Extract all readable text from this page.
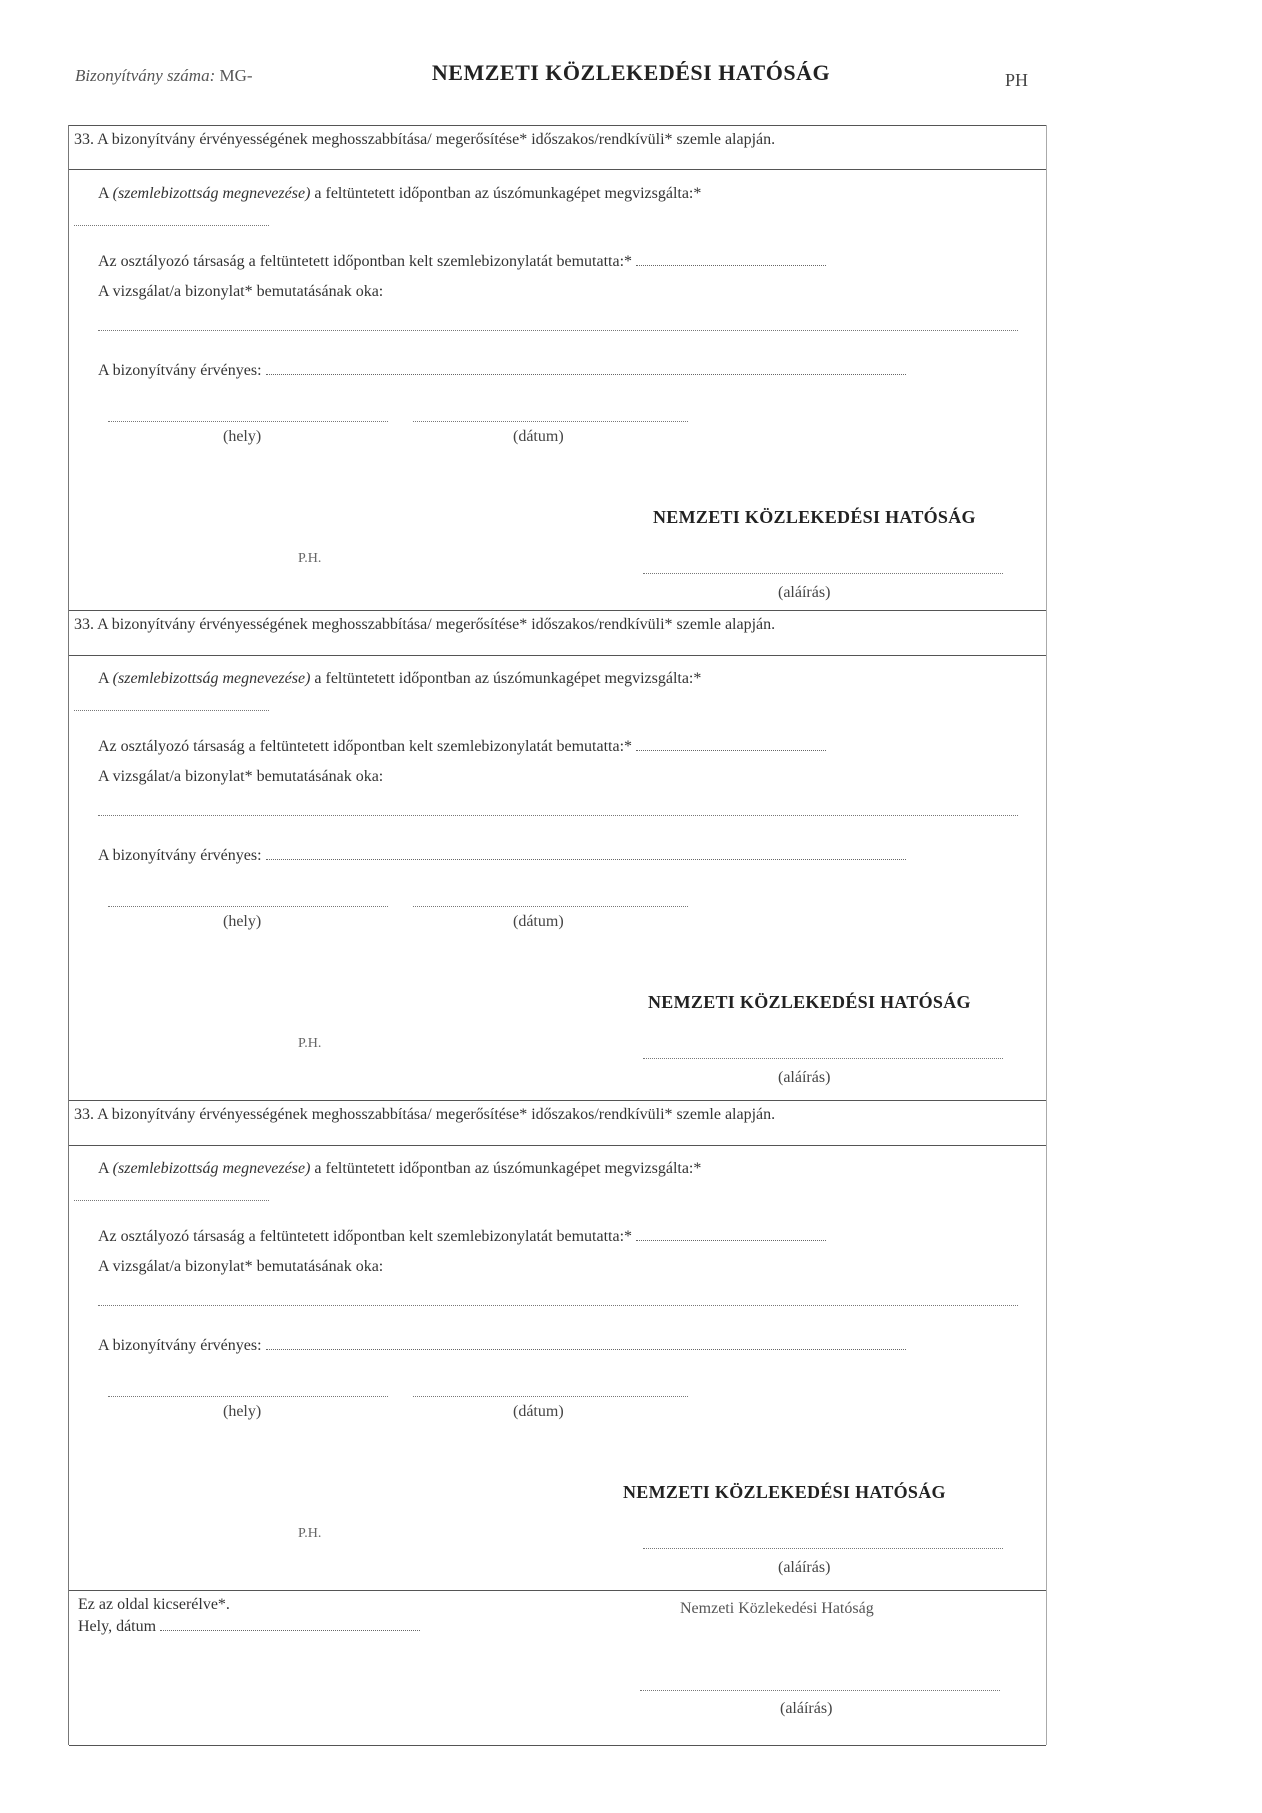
Bizonyítvány száma: MG-	NEMZETI KÖZLEKEDÉSI HATÓSÁG	PH
33. A bizonyítvány érvényességének meghosszabbítása/ megerősítése* időszakos/rendkívüli* szemle alapján.
A (szemlebizottság megnevezése) a feltüntetett időpontban az úszómunkagépet megvizsgálta:*
Az osztályozó társaság a feltüntetett időpontban kelt szemlebizonylatát bemutatta:*
A vizsgálat/a bizonylat* bemutatásának oka:
A bizonyítvány érvényes:
(hely)	(dátum)
NEMZETI KÖZLEKEDÉSI HATÓSÁG
P.H.
(aláírás)
33. A bizonyítvány érvényességének meghosszabbítása/ megerősítése* időszakos/rendkívüli* szemle alapján.
A (szemlebizottság megnevezése) a feltüntetett időpontban az úszómunkagépet megvizsgálta:*
Az osztályozó társaság a feltüntetett időpontban kelt szemlebizonylatát bemutatta:*
A vizsgálat/a bizonylat* bemutatásának oka:
A bizonyítvány érvényes:
(hely)	(dátum)
NEMZETI KÖZLEKEDÉSI HATÓSÁG
P.H.
(aláírás)
33. A bizonyítvány érvényességének meghosszabbítása/ megerősítése* időszakos/rendkívüli* szemle alapján.
A (szemlebizottság megnevezése) a feltüntetett időpontban az úszómunkagépet megvizsgálta:*
Az osztályozó társaság a feltüntetett időpontban kelt szemlebizonylatát bemutatta:*
A vizsgálat/a bizonylat* bemutatásának oka:
A bizonyítvány érvényes:
(hely)	(dátum)
NEMZETI KÖZLEKEDÉSI HATÓSÁG
P.H.
(aláírás)
Ez az oldal kicserélve*.
Hely, dátum
Nemzeti Közlekedési Hatóság
(aláírás)
